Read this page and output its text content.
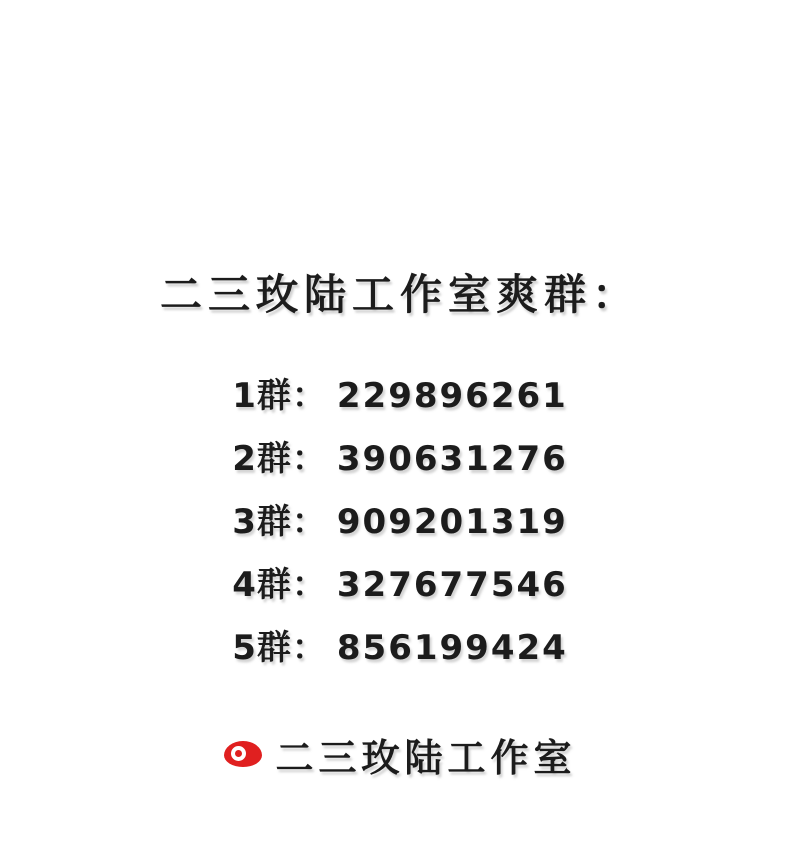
二三玫陆工作室爽群：
1群： 229896261
2群： 390631276
3群： 909201319
4群： 327677546
5群： 856199424
二三玫陆工作室
